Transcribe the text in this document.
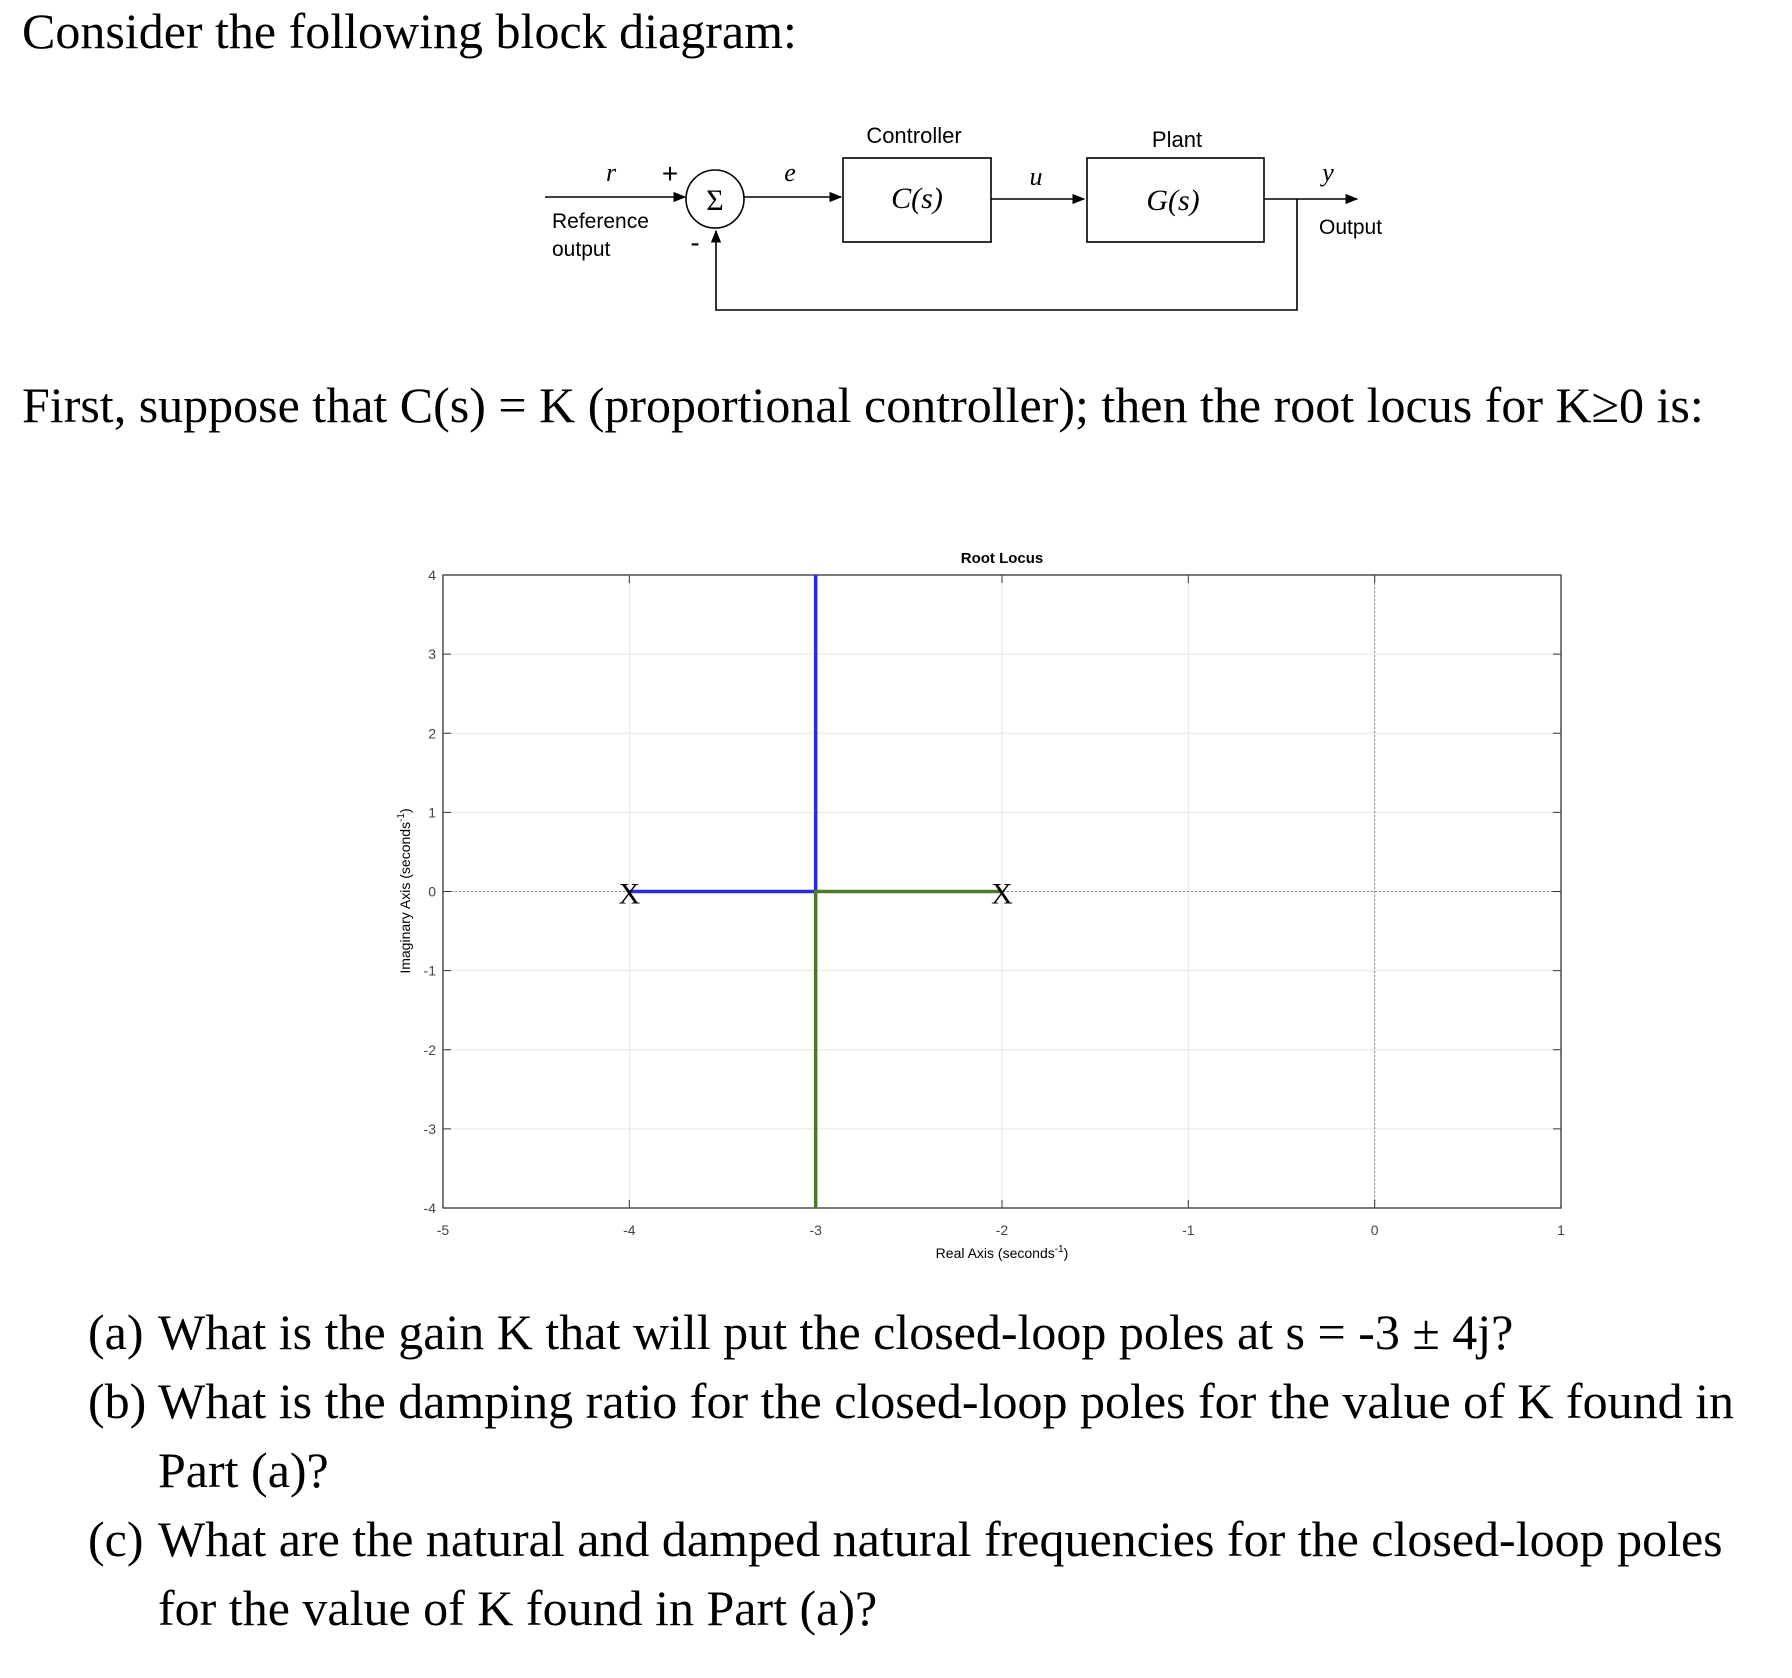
Consider the following block diagram:

r
Reference
output
+
-
Σ
e
Controller
C(s)
u
Plant
G(s)
y
Output
-5	-4	-3	-2	-1	0	1
-4
-3
-2
-1
0
1
2
3
4
X	X
Root Locus
Real Axis (seconds$^{-1}$)
Imaginary Axis (seconds$^{-1}$)

First, suppose that C(s) = K (proportional controller); then the root locus for K≥0 is:

(a) What is the gain K that will put the closed-loop poles at s = -3 ± 4j?
(b) What is the damping ratio for the closed-loop poles for the value of K found in Part (a)?
(c) What are the natural and damped natural frequencies for the closed-loop poles for the value of K found in Part (a)?
